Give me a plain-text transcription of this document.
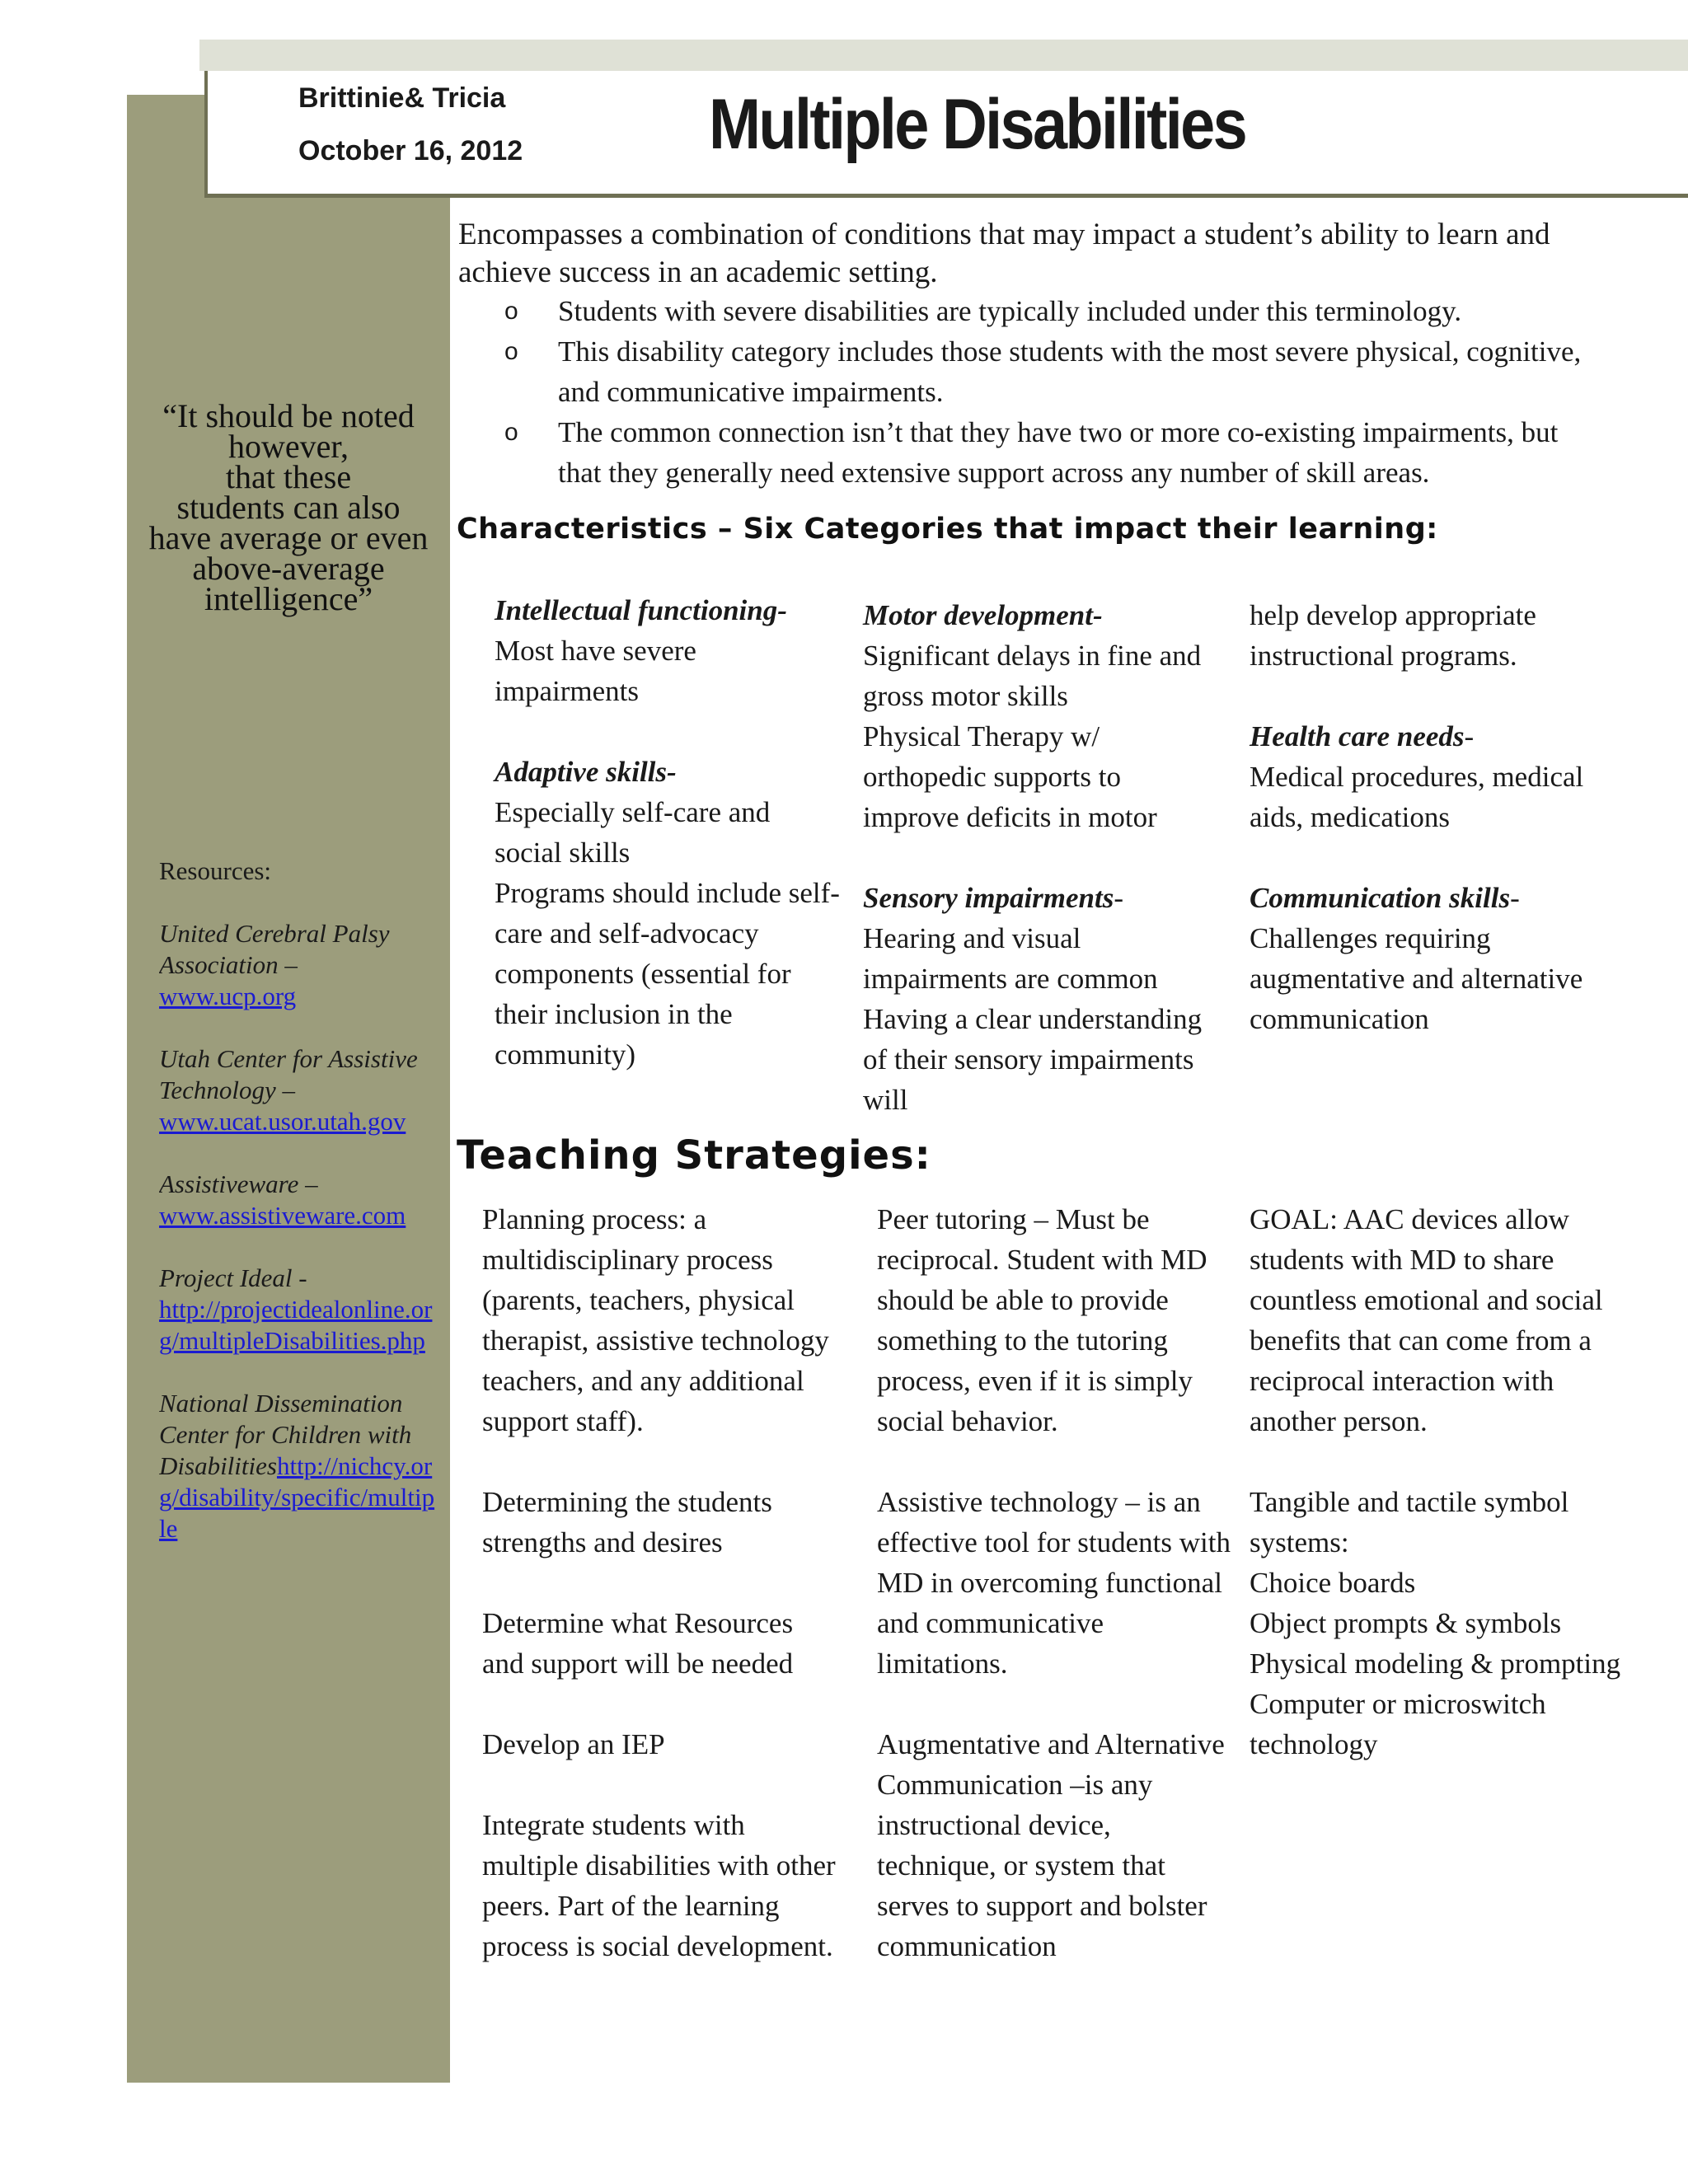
Brittinie& Tricia
October 16, 2012	Multiple Disabilities
“It should be noted
however,
that these
students can also
have average or even
above-average
intelligence”

Resources:

United Cerebral Palsy Association –

www.ucp.org

Utah Center for Assistive Technology –

www.ucat.usor.utah.gov

Assistiveware –

www.assistiveware.com

Project Ideal -

http://projectidealonline.org/multipleDisabilities.php

National Dissemination Center for Children with Disabilitieshttp://nichcy.org/disability/specific/multiple

Encompasses a combination of conditions that may impact a student’s ability to learn and achieve success in an academic setting.
o Students with severe disabilities are typically included under this terminology.
o This disability category includes those students with the most severe physical, cognitive, and communicative impairments.
o The common connection isn’t that they have two or more co-existing impairments, but that they generally need extensive support across any number of skill areas.
Characteristics – Six Categories that impact their learning:

Intellectual functioning-

Most have severe impairments

Adaptive skills-

Especially self-care and social skills

Programs should include self-care and self-advocacy components (essential for their inclusion in the community)

Motor development-

Significant delays in fine and gross motor skills

Physical Therapy w/ orthopedic supports to improve deficits in motor

Sensory impairments-

Hearing and visual impairments are common

Having a clear understanding of their sensory impairments will

help develop appropriate instructional programs.

Health care needs-

Medical procedures, medical aids, medications

Communication skills-

Challenges requiring augmentative and alternative communication

Teaching Strategies:

Planning process: a multidisciplinary process (parents, teachers, physical therapist, assistive technology teachers, and any additional support staff).

Determining the students strengths and desires

Determine what Resources and support will be needed

Develop an IEP

Integrate students with multiple disabilities with other peers. Part of the learning process is social development.

Peer tutoring – Must be reciprocal. Student with MD should be able to provide something to the tutoring process, even if it is simply social behavior.

Assistive technology – is an effective tool for students with MD in overcoming functional and communicative limitations.

Augmentative and Alternative Communication –is any instructional device, technique, or system that serves to support and bolster communication

GOAL: AAC devices allow students with MD to share countless emotional and social benefits that can come from a reciprocal interaction with another person.

Tangible and tactile symbol systems:

Choice boards

Object prompts & symbols

Physical modeling & prompting

Computer or microswitch technology
